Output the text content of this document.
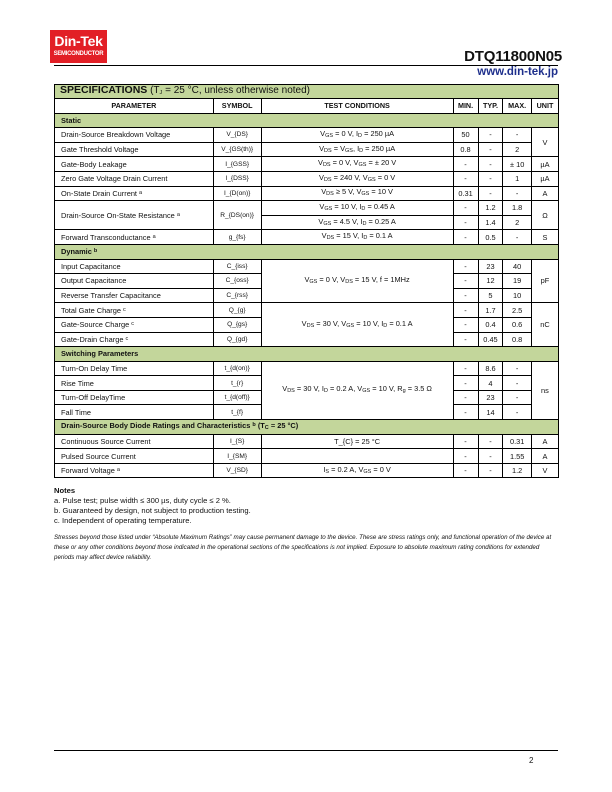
Din-Tek
SEMICONDUCTOR	DTQ11800N05
www.din-tek.jp
SPECIFICATIONS ($T_J = 25$ °C, unless otherwise noted)						
PARAMETER	SYMBOL	TEST CONDITIONS	MIN.	TYP.	MAX.	UNIT
Static						
Drain-Source Breakdown Voltage	V_{DS}	$V_{GS} = 0$ V, $I_D = 250$ µA	50	-	-	V
Gate Threshold Voltage	V_{GS(th)}	$V_{DS} = V_{GS}$, $I_D = 250$ µA	0.8	-	2	
Gate-Body Leakage	I_{GSS}	$V_{DS} = 0$ V, $V_{GS}$ = ± 20 V	-	-	± 10	µA
Zero Gate Voltage Drain Current	I_{DSS}	$V_{DS} = 240$ V, $V_{GS} = 0$ V	-	-	1	µA
On-State Drain Current $^a$	I_{D(on)}	$V_{DS} \ge 5$ V, $V_{GS} = 10$ V	0.31	-	-	A
Drain-Source On-State Resistance $^a$	R_{DS(on)}	$V_{GS} = 10$ V, $I_D = 0.45$ A	-	1.2	1.8	Ω
		$V_{GS} = 4.5$ V, $I_D = 0.25$ A	-	1.4	2	
Forward Transconductance $^a$	g_{fs}	$V_{DS} = 15$ V, $I_D = 0.1$ A	-	0.5	-	S
Dynamic $^b$
Input Capacitance	C_{iss}	$V_{GS} = 0$ V, $V_{DS} = 15$ V, f = 1MHz	-	23	40	pF
Output Capacitance	C_{oss}		-	12	19	
Reverse Transfer Capacitance	C_{rss}		-	5	10	
Total Gate Charge $^c$	Q_{g}	$V_{DS} = 30$ V, $V_{GS} = 10$ V, $I_D = 0.1$ A	-	1.7	2.5	nC
Gate-Source Charge $^c$	Q_{gs}		-	0.4	0.6	
Gate-Drain Charge $^c$	Q_{gd}		-	0.45	0.8	
Switching Parameters						
Turn-On Delay Time	t_{d(on)}	$V_{DS} = 30$ V, $I_D = 0.2$ A, $V_{GS} = 10$ V, $R_g = 3.5$ Ω	-	8.6	-	ns
Rise Time	t_{r}		-	4	-	
Turn-Off DelayTime	t_{d(off)}		-	23	-	
Fall Time	t_{f}		-	14	-	
Drain-Source Body Diode Ratings and Characteristics $^b$ ($T_C = 25$ °C)						
Continuous Source Current	I_{S}	T_{C} = 25 °C	-	-	0.31	A
Pulsed Source Current	I_{SM}		-	-	1.55	A
Forward Voltage $^a$	V_{SD}	$I_S = 0.2$ A, $V_{GS} = 0$ V	-	-	1.2	V
Notes
a. Pulse test; pulse width ≤ 300 µs, duty cycle ≤ 2 %.
b. Guaranteed by design, not subject to production testing.
c. Independent of operating temperature.
Stresses beyond those listed under “Absolute Maximum Ratings” may cause permanent damage to the device. These are stress ratings only, and functional operation of the device at these or any other conditions beyond those indicated in the operational sections of the specifications is not implied. Exposure to absolute maximum rating conditions for extended periods may affect device reliability.
2
